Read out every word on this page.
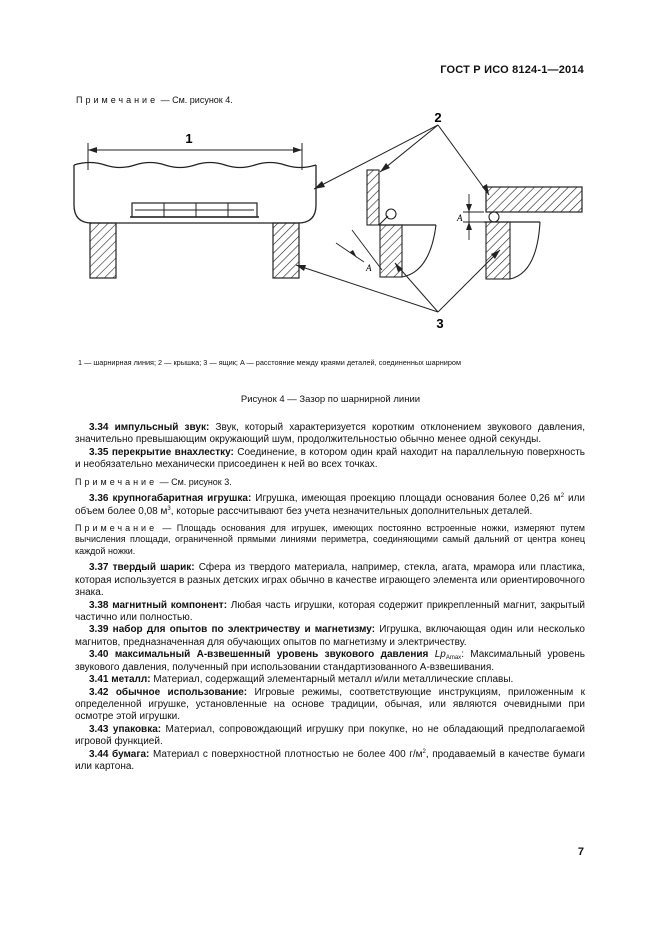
ГОСТ Р ИСО 8124-1—2014
Примечание — См. рисунок 4.
A
A
1
2
3
1 — шарнирная линия; 2 — крышка; 3 — ящик; A — расстояние между краями деталей, соединенных шарниром
Рисунок 4 — Зазор по шарнирной линии

3.34 импульсный звук: Звук, который характеризуется коротким отклонением звукового давления, значительно превышающим окружающий шум, продолжительностью обычно менее одной секунды.

3.35 перекрытие внахлестку: Соединение, в котором один край находит на параллельную поверхность и необязательно механически присоединен к ней во всех точках.

Примечание — См. рисунок 3.

3.36 крупногабаритная игрушка: Игрушка, имеющая проекцию площади основания более 0,26 $м^2$ или объем более 0,08 $м^3$, которые рассчитывают без учета незначительных дополнительных деталей.

Примечание — Площадь основания для игрушек, имеющих постоянно встроенные ножки, измеряют путем вычисления площади, ограниченной прямыми линиями периметра, соединяющими самый дальний от центра конец каждой ножки.

3.37 твердый шарик: Сфера из твердого материала, например, стекла, агата, мрамора или пластика, которая используется в разных детских играх обычно в качестве играющего элемента или ориентировочного знака.

3.38 магнитный компонент: Любая часть игрушки, которая содержит прикрепленный магнит, закрытый частично или полностью.

3.39 набор для опытов по электричеству и магнетизму: Игрушка, включающая один или несколько магнитов, предназначенная для обучающих опытов по магнетизму и электричеству.

3.40 максимальный А-взвешенный уровень звукового давления $Lp_{Amax}$: Максимальный уровень звукового давления, полученный при использовании стандартизованного А-взвешивания.

3.41 металл: Материал, содержащий элементарный металл и/или металлические сплавы.

3.42 обычное использование: Игровые режимы, соответствующие инструкциям, приложенным к определенной игрушке, установленные на основе традиции, обычая, или являются очевидными при осмотре этой игрушки.

3.43 упаковка: Материал, сопровождающий игрушку при покупке, но не обладающий предполагаемой игровой функцией.

3.44 бумага: Материал с поверхностной плотностью не более 400 $г/м^2$, продаваемый в качестве бумаги или картона.

7
